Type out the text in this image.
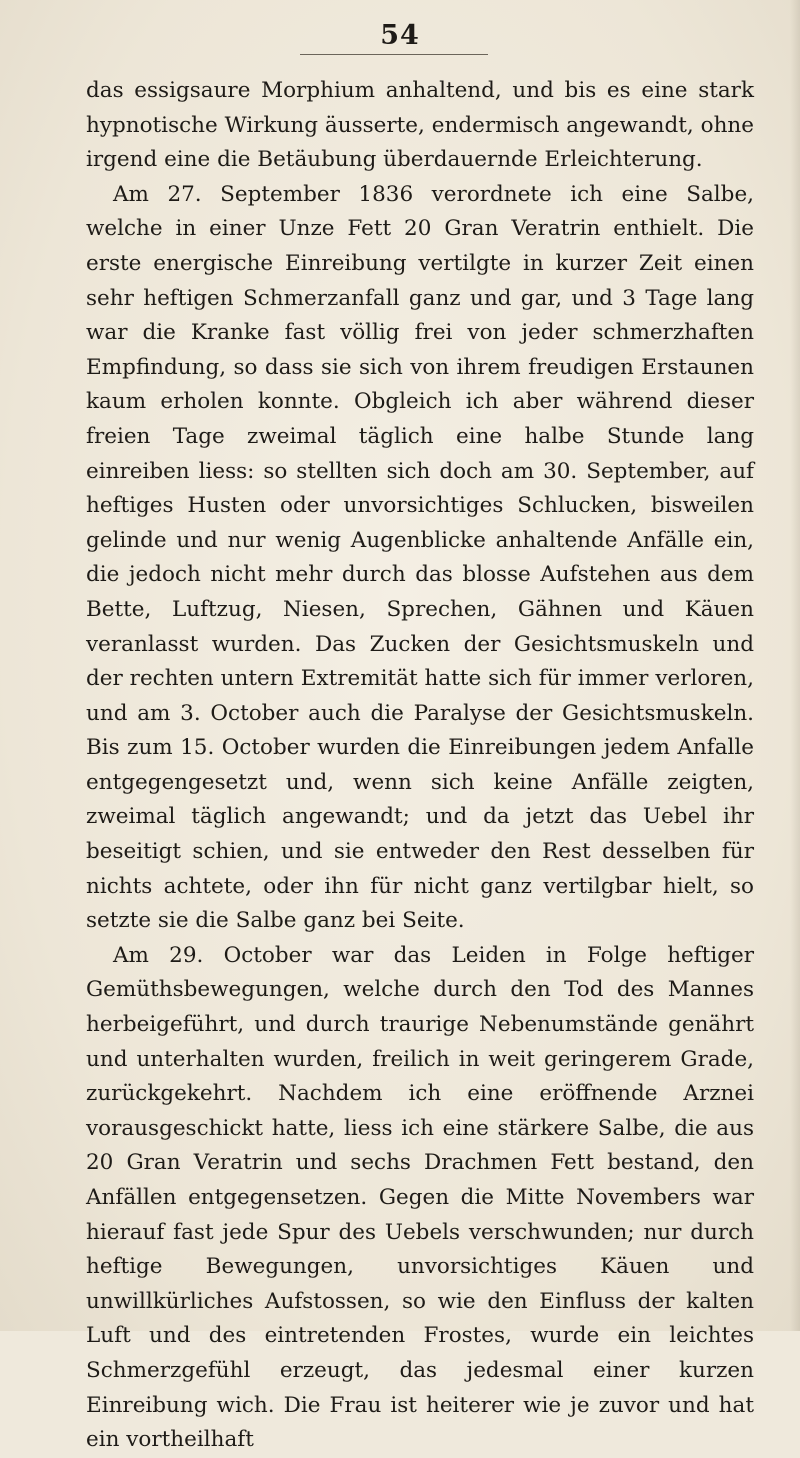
54

das essigsaure Morphium anhaltend, und bis es eine stark hypnotische Wirkung äusserte, endermisch angewandt, ohne irgend eine die Betäubung überdauernde Erleichterung.

Am 27. September 1836 verordnete ich eine Salbe, welche in einer Unze Fett 20 Gran Veratrin enthielt. Die erste energische Einreibung vertilgte in kurzer Zeit einen sehr heftigen Schmerzanfall ganz und gar, und 3 Tage lang war die Kranke fast völlig frei von jeder schmerzhaften Empfindung, so dass sie sich von ihrem freudigen Erstaunen kaum erholen konnte. Obgleich ich aber während dieser freien Tage zweimal täglich eine halbe Stunde lang einreiben liess: so stellten sich doch am 30. September, auf heftiges Husten oder unvorsichtiges Schlucken, bisweilen gelinde und nur wenig Augenblicke anhaltende Anfälle ein, die jedoch nicht mehr durch das blosse Aufstehen aus dem Bette, Luftzug, Niesen, Sprechen, Gähnen und Käuen veranlasst wurden. Das Zucken der Gesichtsmuskeln und der rechten untern Extremität hatte sich für immer verloren, und am 3. October auch die Paralyse der Gesichtsmuskeln. Bis zum 15. October wurden die Einreibungen jedem Anfalle entgegengesetzt und, wenn sich keine Anfälle zeigten, zweimal täglich angewandt; und da jetzt das Uebel ihr beseitigt schien, und sie entweder den Rest desselben für nichts achtete, oder ihn für nicht ganz vertilgbar hielt, so setzte sie die Salbe ganz bei Seite.

Am 29. October war das Leiden in Folge heftiger Gemüthsbewegungen, welche durch den Tod des Mannes herbeigeführt, und durch traurige Nebenumstände genährt und unterhalten wurden, freilich in weit geringerem Grade, zurückgekehrt. Nachdem ich eine eröffnende Arznei vorausgeschickt hatte, liess ich eine stärkere Salbe, die aus 20 Gran Veratrin und sechs Drachmen Fett bestand, den Anfällen entgegensetzen. Gegen die Mitte Novembers war hierauf fast jede Spur des Uebels verschwunden; nur durch heftige Bewegungen, unvorsichtiges Käuen und unwillkürliches Aufstossen, so wie den Einfluss der kalten Luft und des eintretenden Frostes, wurde ein leichtes Schmerzgefühl erzeugt, das jedesmal einer kurzen Einreibung wich. Die Frau ist heiterer wie je zuvor und hat ein vortheilhaft
